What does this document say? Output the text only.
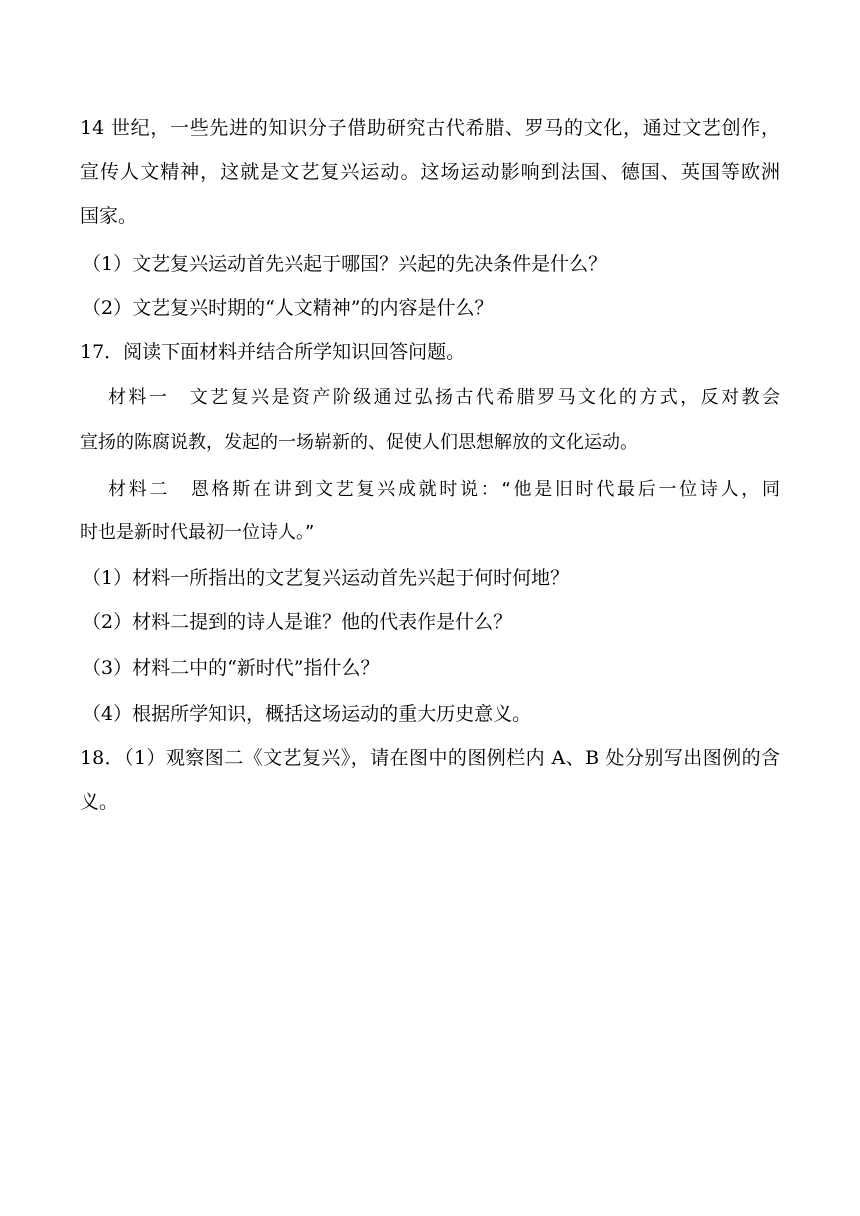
14 世纪，一些先进的知识分子借助研究古代希腊、罗马的文化，通过文艺创作，
宣传人文精神，这就是文艺复兴运动。这场运动影响到法国、德国、英国等欧洲
国家。
（1）文艺复兴运动首先兴起于哪国？兴起的先决条件是什么？
（2）文艺复兴时期的“人文精神”的内容是什么？
17．阅读下面材料并结合所学知识回答问题。
材料一　文艺复兴是资产阶级通过弘扬古代希腊罗马文化的方式，反对教会
宣扬的陈腐说教，发起的一场崭新的、促使人们思想解放的文化运动。
材料二　恩格斯在讲到文艺复兴成就时说：“他是旧时代最后一位诗人，同
时也是新时代最初一位诗人。”
（1）材料一所指出的文艺复兴运动首先兴起于何时何地？
（2）材料二提到的诗人是谁？他的代表作是什么？
（3）材料二中的“新时代”指什么？
（4）根据所学知识，概括这场运动的重大历史意义。
18．（1）观察图二《文艺复兴》，请在图中的图例栏内 A、B 处分别写出图例的含
义。
